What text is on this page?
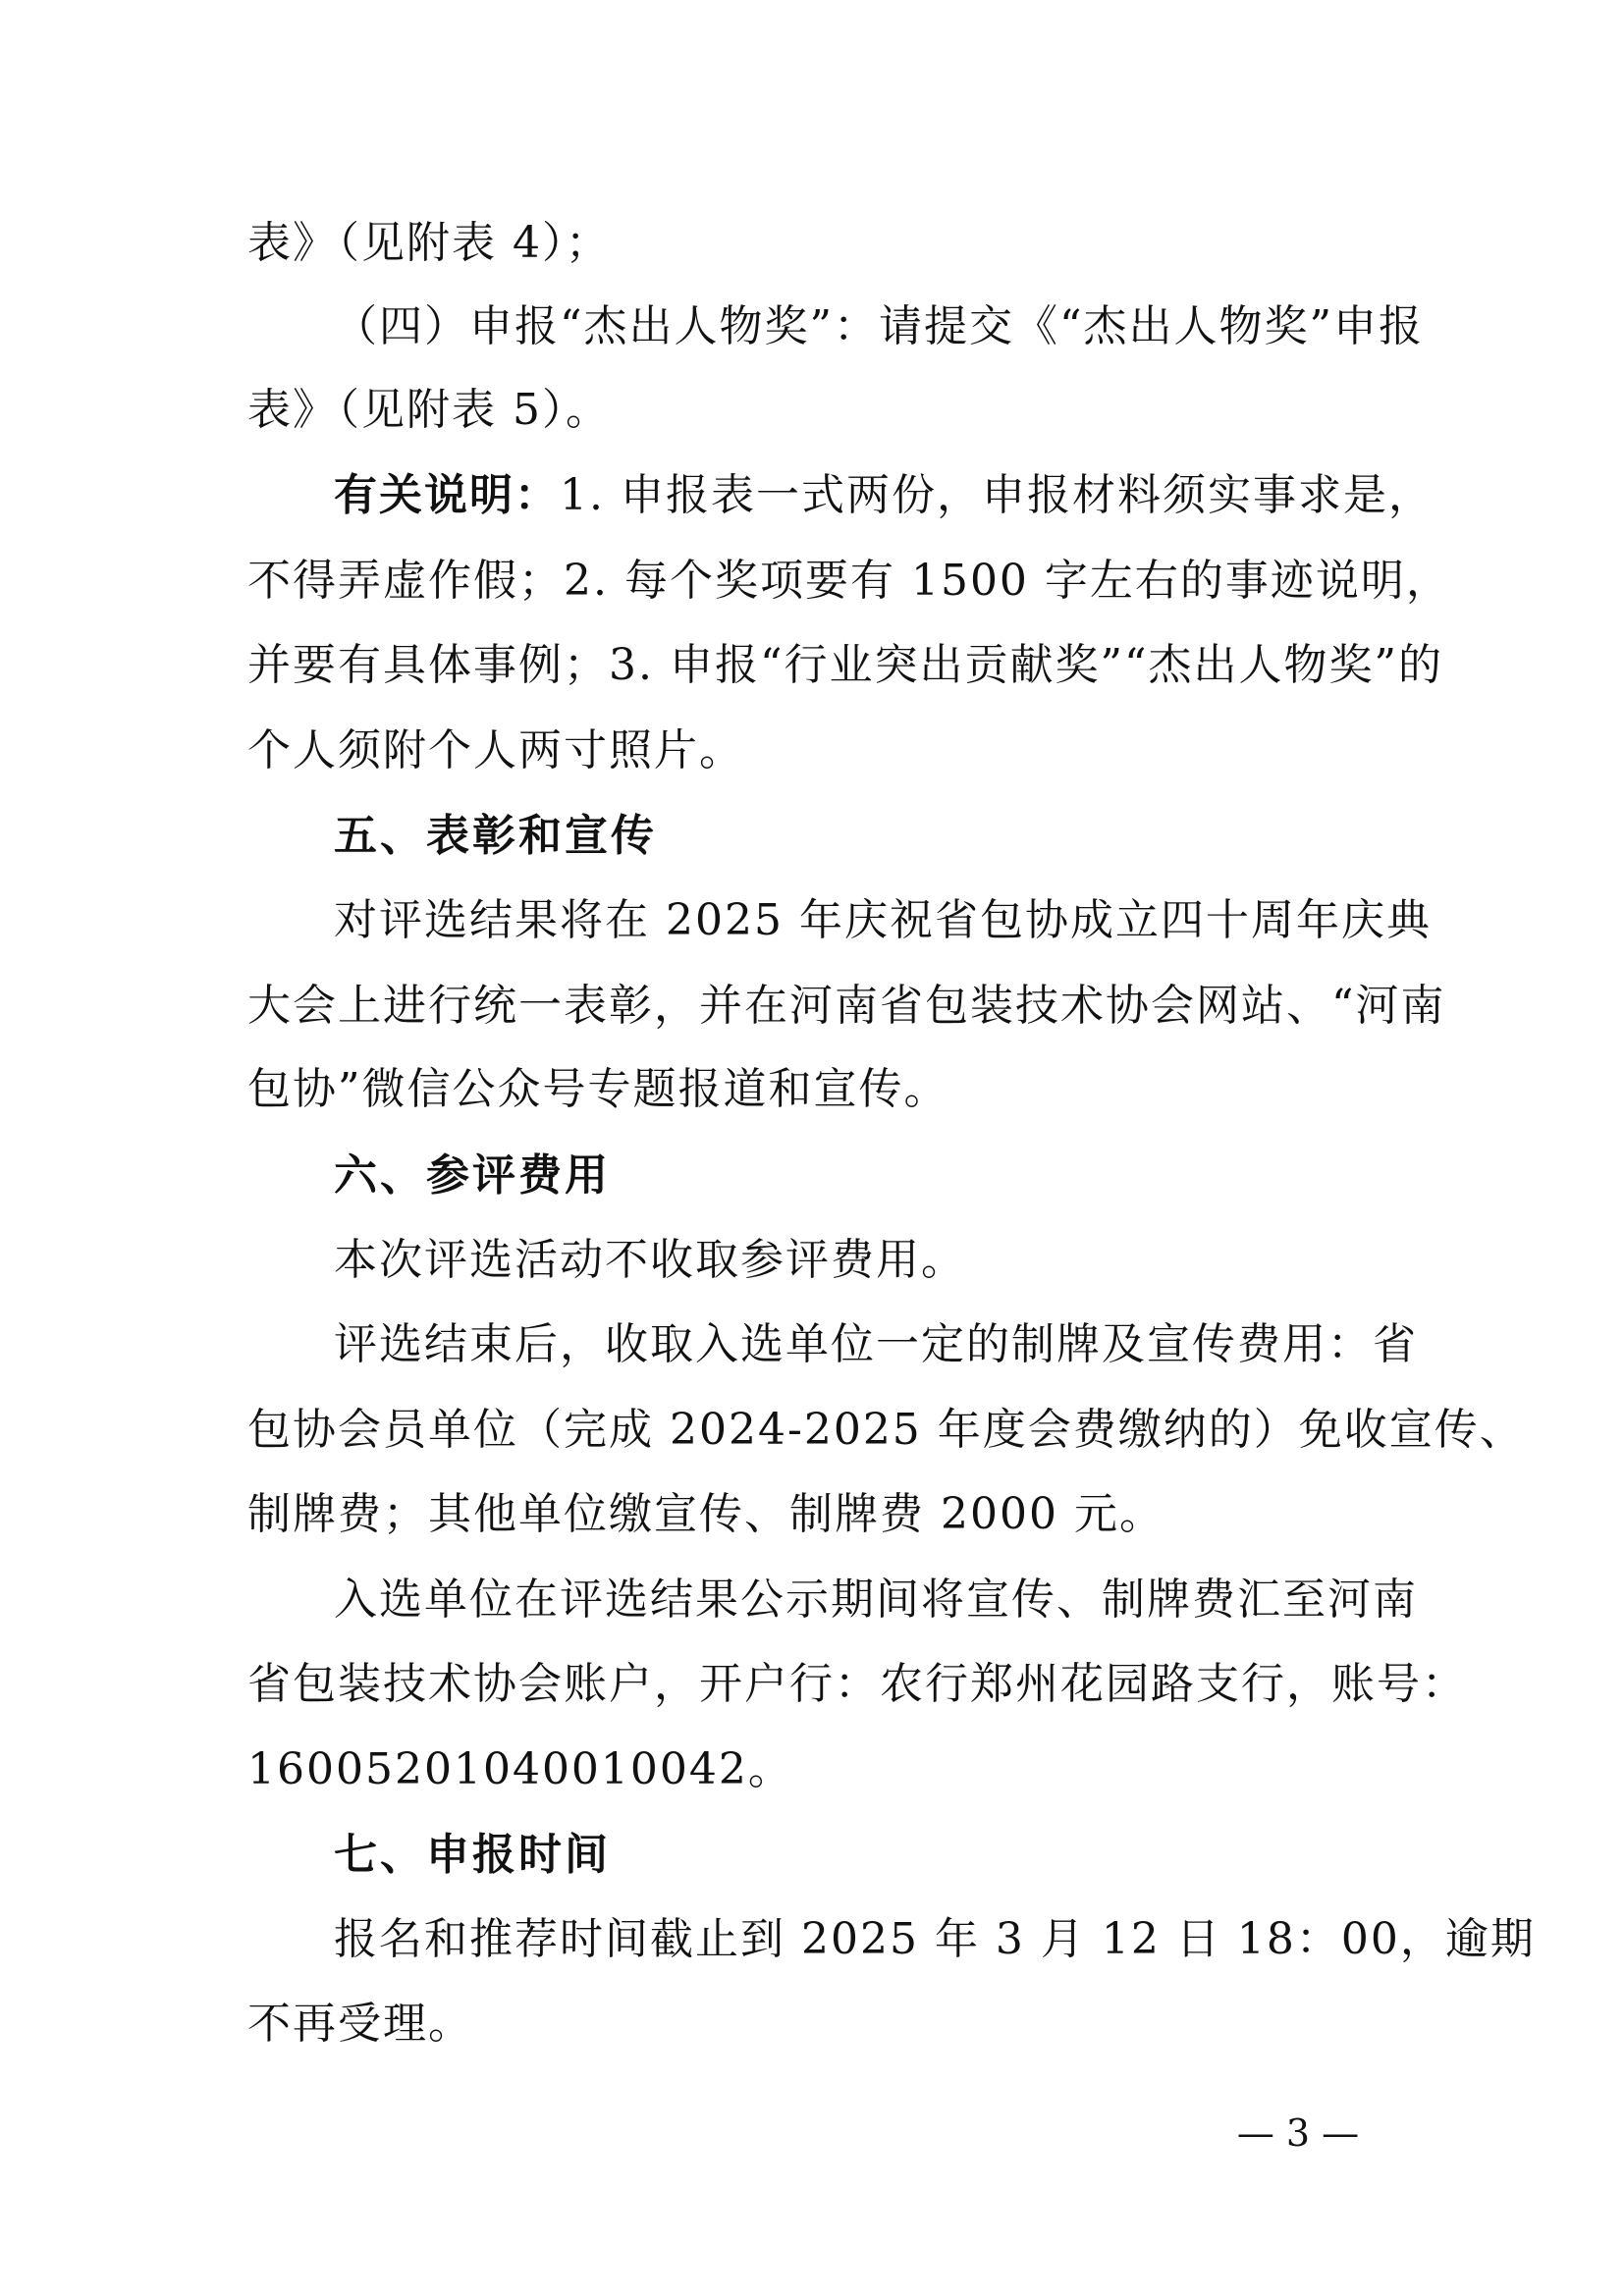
表》（见附表 4）；
（四）申报“杰出人物奖”：请提交《“杰出人物奖”申报
表》（见附表 5）。
有关说明：1. 申报表一式两份，申报材料须实事求是，
不得弄虚作假；2. 每个奖项要有 1500 字左右的事迹说明，
并要有具体事例；3. 申报“行业突出贡献奖”“杰出人物奖”的
个人须附个人两寸照片。
五、表彰和宣传
对评选结果将在 2025 年庆祝省包协成立四十周年庆典
大会上进行统一表彰，并在河南省包装技术协会网站、“河南
包协”微信公众号专题报道和宣传。
六、参评费用
本次评选活动不收取参评费用。
评选结束后，收取入选单位一定的制牌及宣传费用：省
包协会员单位（完成 2024-2025 年度会费缴纳的）免收宣传、
制牌费；其他单位缴宣传、制牌费 2000 元。
入选单位在评选结果公示期间将宣传、制牌费汇至河南
省包装技术协会账户，开户行：农行郑州花园路支行，账号：
16005201040010042。
七、申报时间
报名和推荐时间截止到 2025 年 3 月 12 日 18：00，逾期
不再受理。
— 3 —
